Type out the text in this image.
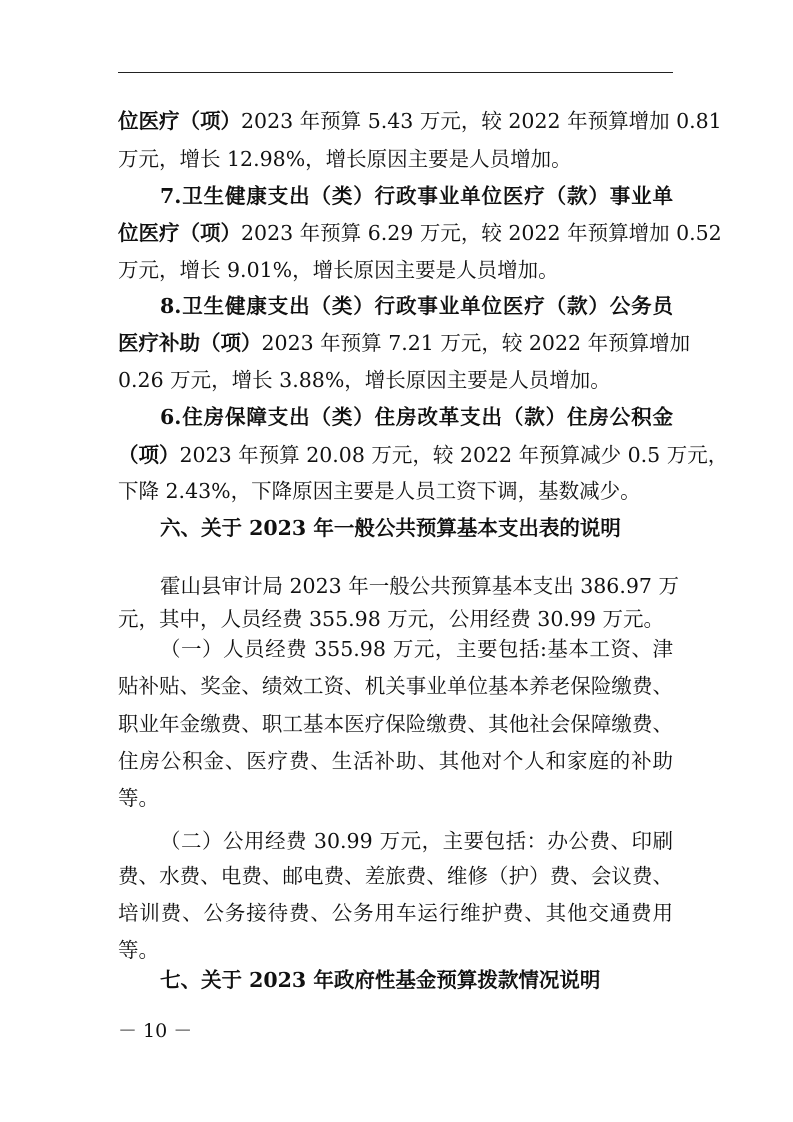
位医疗（项）2023 年预算 5.43 万元，较 2022 年预算增加 0.81
万元，增长 12.98%，增长原因主要是人员增加。
7.卫生健康支出（类）行政事业单位医疗（款）事业单
位医疗（项）2023 年预算 6.29 万元，较 2022 年预算增加 0.52
万元，增长 9.01%，增长原因主要是人员增加。
8.卫生健康支出（类）行政事业单位医疗（款）公务员
医疗补助（项）2023 年预算 7.21 万元，较 2022 年预算增加
0.26 万元，增长 3.88%，增长原因主要是人员增加。
6.住房保障支出（类）住房改革支出（款）住房公积金
（项）2023 年预算 20.08 万元，较 2022 年预算减少 0.5 万元，
下降 2.43%，下降原因主要是人员工资下调，基数减少。
六、关于 2023 年一般公共预算基本支出表的说明
霍山县审计局 2023 年一般公共预算基本支出 386.97 万
元，其中，人员经费 355.98 万元，公用经费 30.99 万元。
（一）人员经费 355.98 万元，主要包括:基本工资、津
贴补贴、奖金、绩效工资、机关事业单位基本养老保险缴费、
职业年金缴费、职工基本医疗保险缴费、其他社会保障缴费、
住房公积金、医疗费、生活补助、其他对个人和家庭的补助
等。
（二）公用经费 30.99 万元，主要包括：办公费、印刷
费、水费、电费、邮电费、差旅费、维修（护）费、会议费、
培训费、公务接待费、公务用车运行维护费、其他交通费用
等。
七、关于 2023 年政府性基金预算拨款情况说明
－ 10 －
